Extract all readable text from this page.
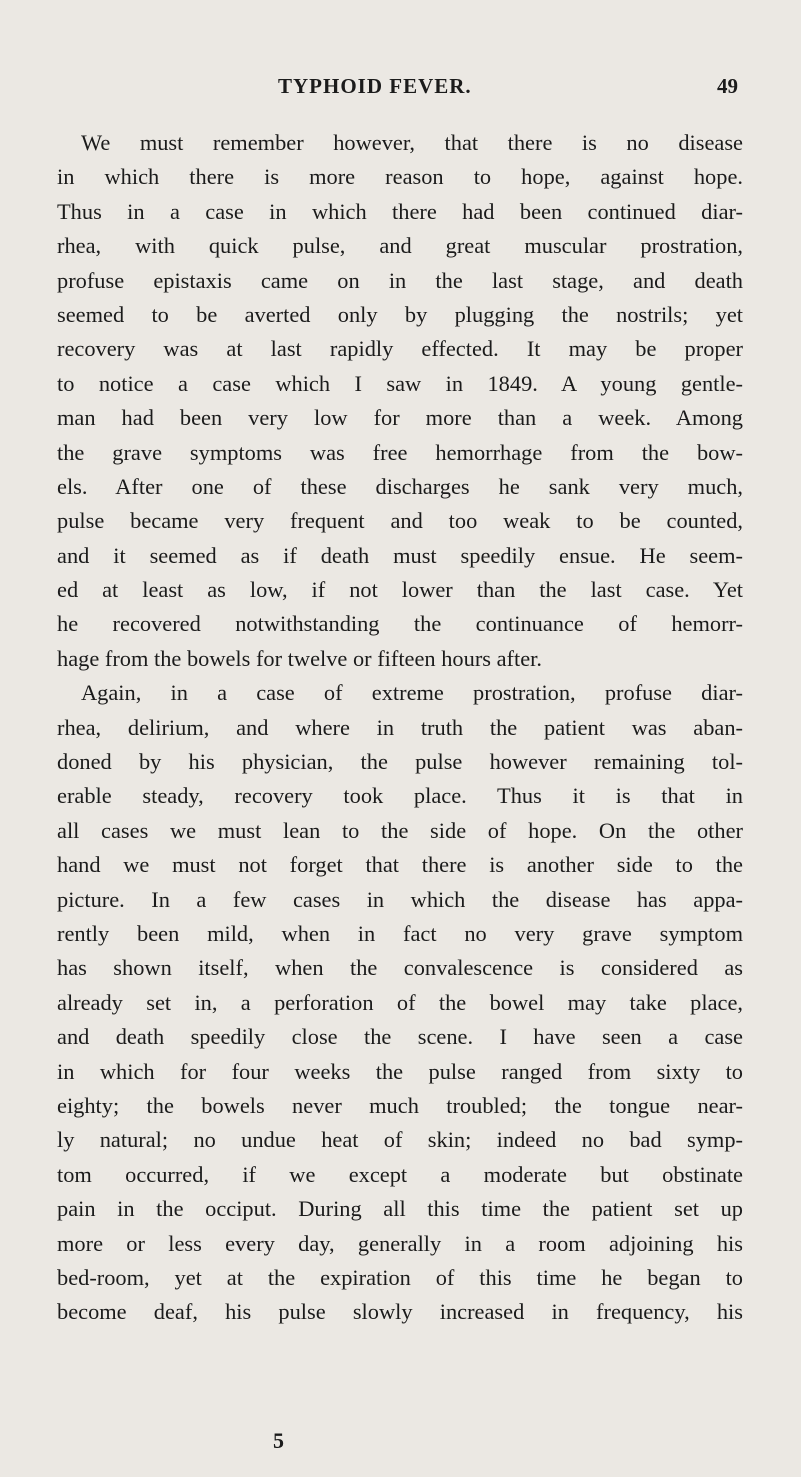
TYPHOID FEVER.	49
We must remember however, that there is no disease
in which there is more reason to hope, against hope.
Thus in a case in which there had been continued diar-
rhea, with quick pulse, and great muscular prostration,
profuse epistaxis came on in the last stage, and death
seemed to be averted only by plugging the nostrils; yet
recovery was at last rapidly effected. It may be proper
to notice a case which I saw in 1849. A young gentle-
man had been very low for more than a week. Among
the grave symptoms was free hemorrhage from the bow-
els. After one of these discharges he sank very much,
pulse became very frequent and too weak to be counted,
and it seemed as if death must speedily ensue. He seem-
ed at least as low, if not lower than the last case. Yet
he recovered notwithstanding the continuance of hemorr-
hage from the bowels for twelve or fifteen hours after.
Again, in a case of extreme prostration, profuse diar-
rhea, delirium, and where in truth the patient was aban-
doned by his physician, the pulse however remaining tol-
erable steady, recovery took place. Thus it is that in
all cases we must lean to the side of hope. On the other
hand we must not forget that there is another side to the
picture. In a few cases in which the disease has appa-
rently been mild, when in fact no very grave symptom
has shown itself, when the convalescence is considered as
already set in, a perforation of the bowel may take place,
and death speedily close the scene. I have seen a case
in which for four weeks the pulse ranged from sixty to
eighty; the bowels never much troubled; the tongue near-
ly natural; no undue heat of skin; indeed no bad symp-
tom occurred, if we except a moderate but obstinate
pain in the occiput. During all this time the patient set up
more or less every day, generally in a room adjoining his
bed-room, yet at the expiration of this time he began to
become deaf, his pulse slowly increased in frequency, his
5
